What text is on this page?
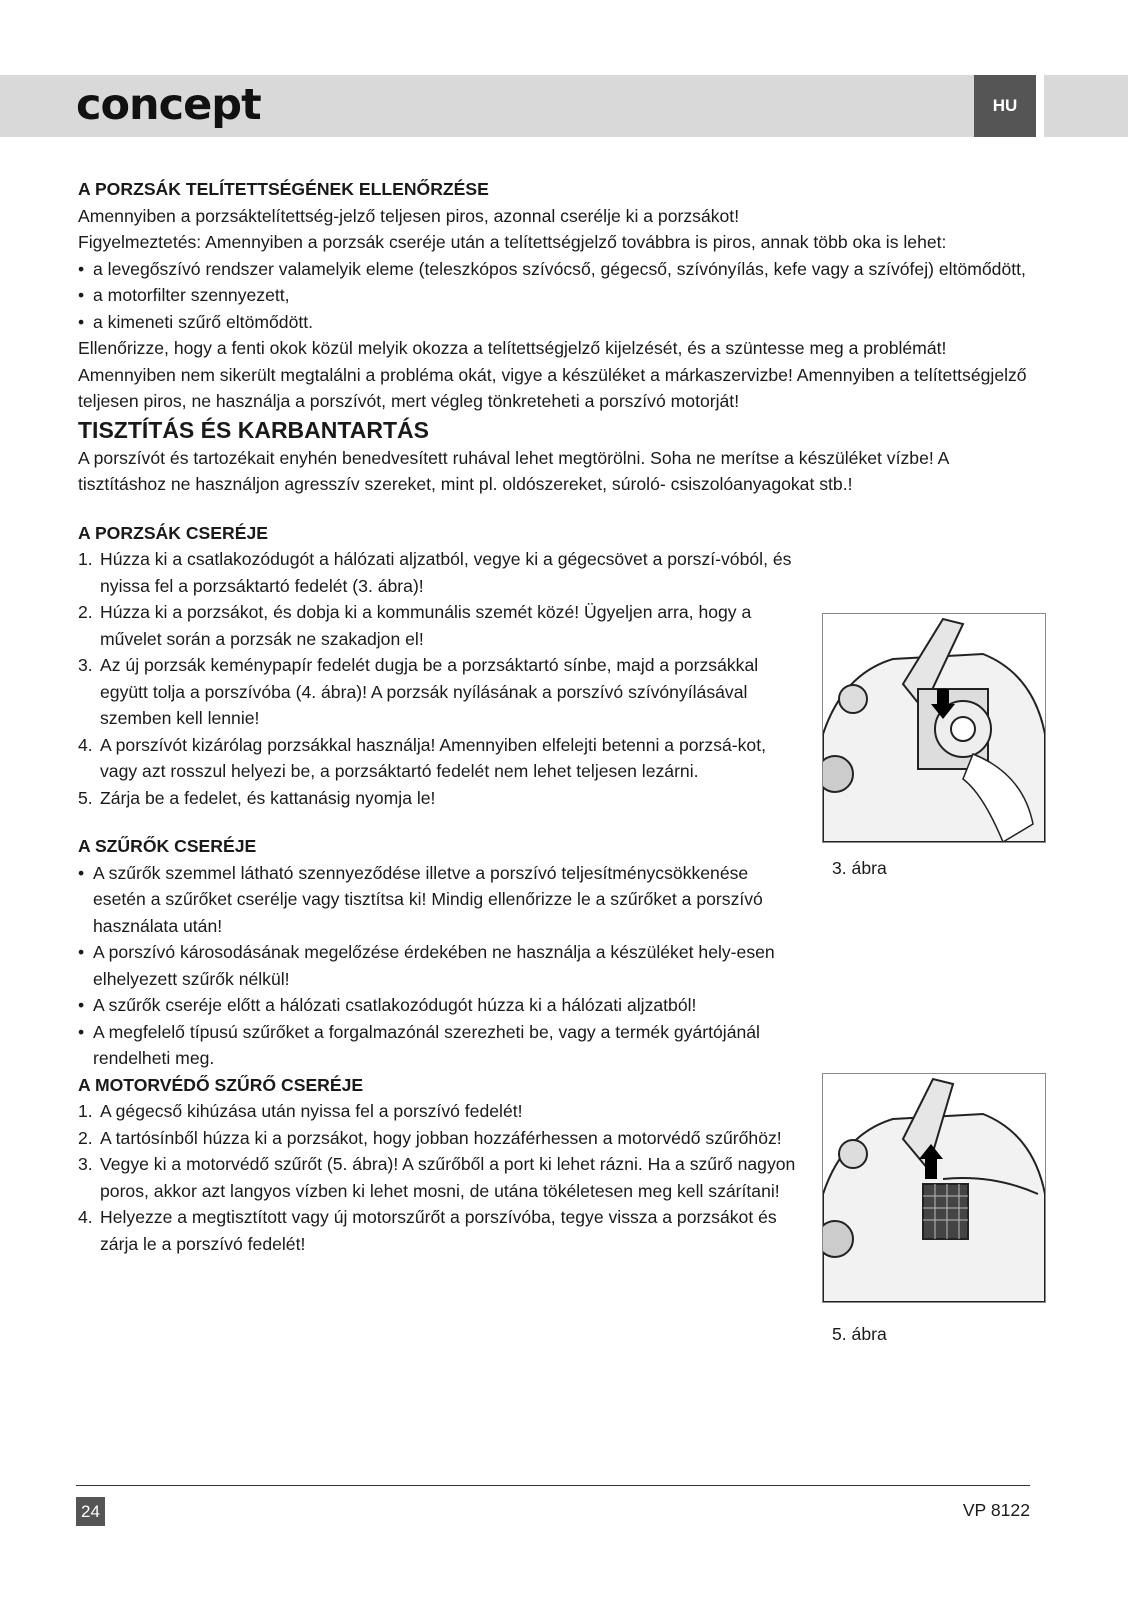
concept	HU

A PORZSÁK TELÍTETTSÉGÉNEK ELLENŐRZÉSE

Amennyiben a porzsáktelítettség-jelző teljesen piros, azonnal cserélje ki a porzsákot!

Figyelmeztetés: Amennyiben a porzsák cseréje után a telítettségjelző továbbra is piros, annak több oka is lehet:

• a levegőszívó rendszer valamelyik eleme (teleszkópos szívócső, gégecső, szívónyílás, kefe vagy a szívófej) eltömődött,
• a motorfilter szennyezett,
• a kimeneti szűrő eltömődött.

Ellenőrizze, hogy a fenti okok közül melyik okozza a telítettségjelző kijelzését, és a szüntesse meg a problémát! Amennyiben nem sikerült megtalálni a probléma okát, vigye a készüléket a márkaszervizbe! Amennyiben a telítettségjelző teljesen piros, ne használja a porszívót, mert végleg tönkreteheti a porszívó motorját!

TISZTÍTÁS ÉS KARBANTARTÁS

A porszívót és tartozékait enyhén benedvesített ruhával lehet megtörölni. Soha ne merítse a készüléket vízbe! A tisztításhoz ne használjon agresszív szereket, mint pl. oldószereket, súroló- csiszolóanyagokat stb.!

A PORZSÁK CSERÉJE

1. Húzza ki a csatlakozódugót a hálózati aljzatból, vegye ki a gégecsövet a porszí-vóból, és nyissa fel a porzsáktartó fedelét (3. ábra)!
2. Húzza ki a porzsákot, és dobja ki a kommunális szemét közé! Ügyeljen arra, hogy a művelet során a porzsák ne szakadjon el!
3. Az új porzsák keménypapír fedelét dugja be a porzsáktartó sínbe, majd a porzsákkal együtt tolja a porszívóba (4. ábra)! A porzsák nyílásának a porszívó szívónyílásával szemben kell lennie!
4. A porszívót kizárólag porzsákkal használja! Amennyiben elfelejti betenni a porzsá-kot, vagy azt rosszul helyezi be, a porzsáktartó fedelét nem lehet teljesen lezárni.
5. Zárja be a fedelet, és kattanásig nyomja le!

A SZŰRŐK CSERÉJE

• A szűrők szemmel látható szennyeződése illetve a porszívó teljesítménycsökkenése esetén a szűrőket cserélje vagy tisztítsa ki! Mindig ellenőrizze le a szűrőket a porszívó használata után!
• A porszívó károsodásának megelőzése érdekében ne használja a készüléket hely-esen elhelyezett szűrők nélkül!
• A szűrők cseréje előtt a hálózati csatlakozódugót húzza ki a hálózati aljzatból!
• A megfelelő típusú szűrőket a forgalmazónál szerezheti be, vagy a termék gyártójánál rendelheti meg.

A MOTORVÉDŐ SZŰRŐ CSERÉJE

1. A gégecső kihúzása után nyissa fel a porszívó fedelét!
2. A tartósínből húzza ki a porzsákot, hogy jobban hozzáférhessen a motorvédő szűrőhöz!
3. Vegye ki a motorvédő szűrőt (5. ábra)! A szűrőből a port ki lehet rázni. Ha a szűrő nagyon poros, akkor azt langyos vízben ki lehet mosni, de utána tökéletesen meg kell szárítani!
4. Helyezze a megtisztított vagy új motorszűrőt a porszívóba, tegye vissza a porzsákot és zárja le a porszívó fedelét!
3. ábra
5. ábra
24	VP 8122
